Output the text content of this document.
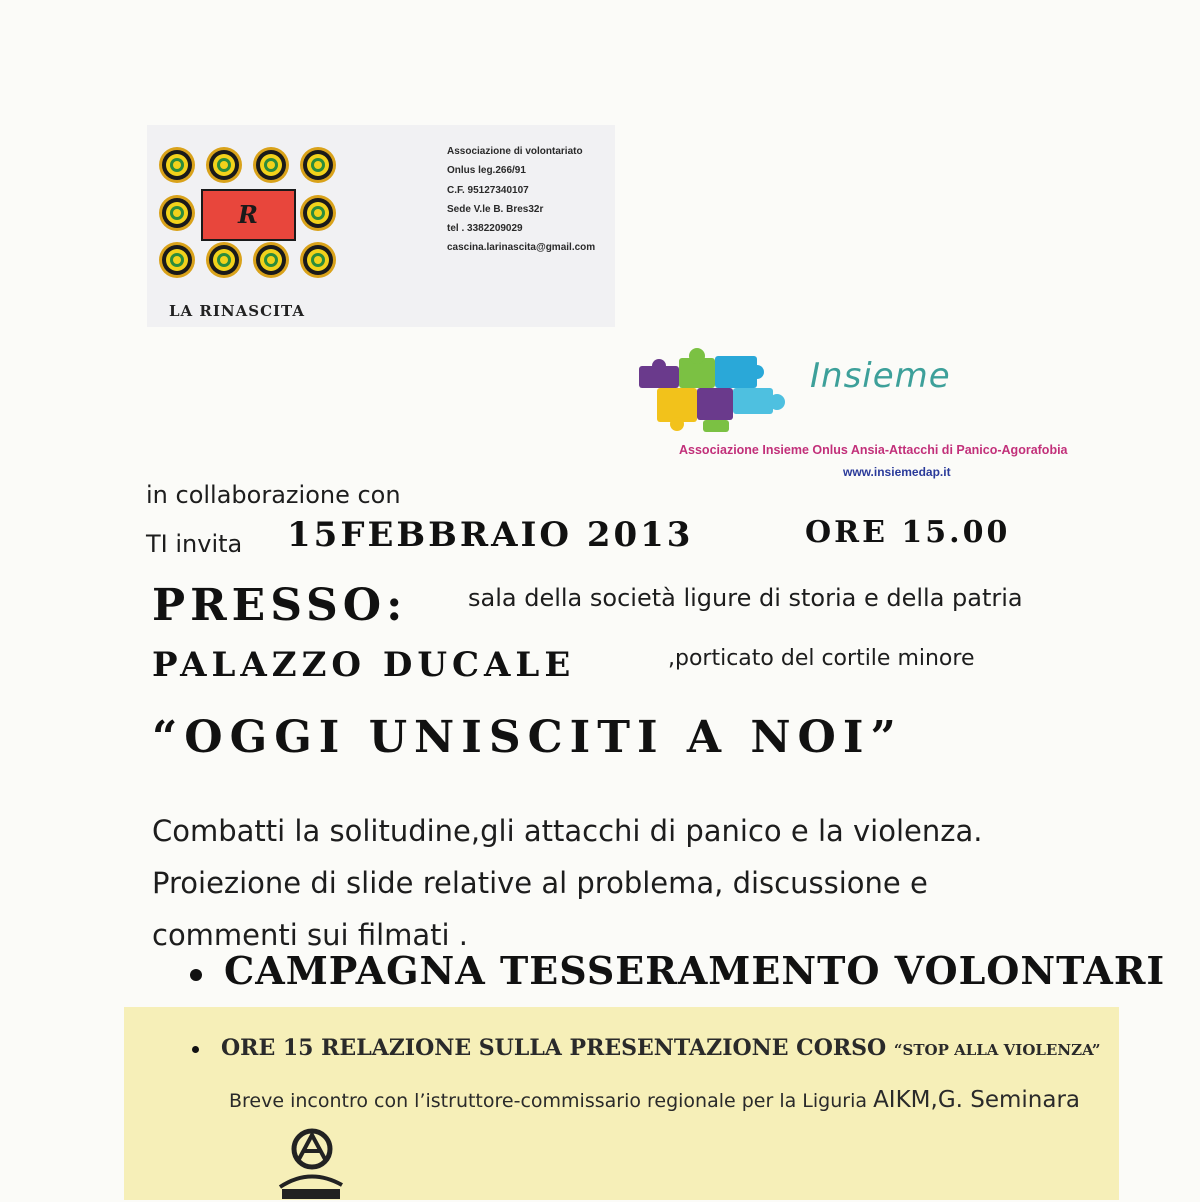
R
LA RINASCITA
Associazione di volontariato
Onlus leg.266/91
C.F. 95127340107
Sede V.le B. Bres32r
tel . 3382209029
cascina.larinascita@gmail.com
Insieme
Associazione Insieme Onlus Ansia-Attacchi di Panico-Agorafobia
www.insiemedap.it
in collaborazione con
TI invita 15FEBBRAIO 2013	ORE 15.00
PRESSO:	sala della società ligure di storia e della patria
PALAZZO DUCALE	,porticato del cortile minore
“OGGI UNISCITI A NOI”
Combatti la solitudine,gli attacchi di panico e la violenza.
Proiezione di slide relative al problema, discussione e
commenti sui filmati .
CAMPAGNA TESSERAMENTO VOLONTARI
ORE 15 RELAZIONE SULLA PRESENTAZIONE CORSO “STOP ALLA VIOLENZA”
Breve incontro con l’istruttore-commissario regionale per la Liguria AIKM,G. Seminara
